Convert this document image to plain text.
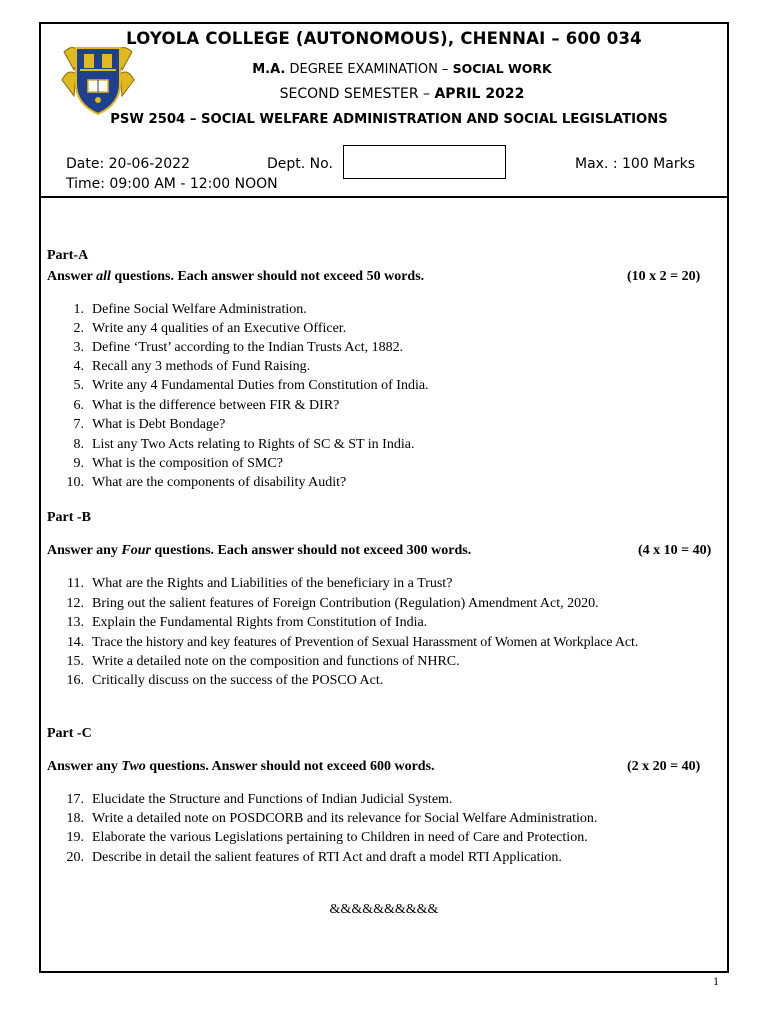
LOYOLA COLLEGE (AUTONOMOUS), CHENNAI – 600 034
M.A. DEGREE EXAMINATION – SOCIAL WORK
SECOND SEMESTER – APRIL 2022
PSW 2504 – SOCIAL WELFARE ADMINISTRATION AND SOCIAL LEGISLATIONS
Date: 20-06-2022	Dept. No.	Max. : 100 Marks
Time: 09:00 AM - 12:00 NOON
Part-A
Answer all questions. Each answer should not exceed 50 words.	(10 x 2 = 20)
1. Define Social Welfare Administration.
2. Write any 4 qualities of an Executive Officer.
3. Define ‘Trust’ according to the Indian Trusts Act, 1882.
4. Recall any 3 methods of Fund Raising.
5. Write any 4 Fundamental Duties from Constitution of India.
6. What is the difference between FIR & DIR?
7. What is Debt Bondage?
8. List any Two Acts relating to Rights of SC & ST in India.
9. What is the composition of SMC?
10. What are the components of disability Audit?
Part -B
Answer any Four questions. Each answer should not exceed 300 words.	(4 x 10 = 40)
11. What are the Rights and Liabilities of the beneficiary in a Trust?
12. Bring out the salient features of Foreign Contribution (Regulation) Amendment Act, 2020.
13. Explain the Fundamental Rights from Constitution of India.
14. Trace the history and key features of Prevention of Sexual Harassment of Women at Workplace Act.
15. Write a detailed note on the composition and functions of NHRC.
16. Critically discuss on the success of the POSCO Act.
Part -C
Answer any Two questions. Answer should not exceed 600 words.	(2 x 20 = 40)
17. Elucidate the Structure and Functions of Indian Judicial System.
18. Write a detailed note on POSDCORB and its relevance for Social Welfare Administration.
19. Elaborate the various Legislations pertaining to Children in need of Care and Protection.
20. Describe in detail the salient features of RTI Act and draft a model RTI Application.
&&&&&&&&&&
1
